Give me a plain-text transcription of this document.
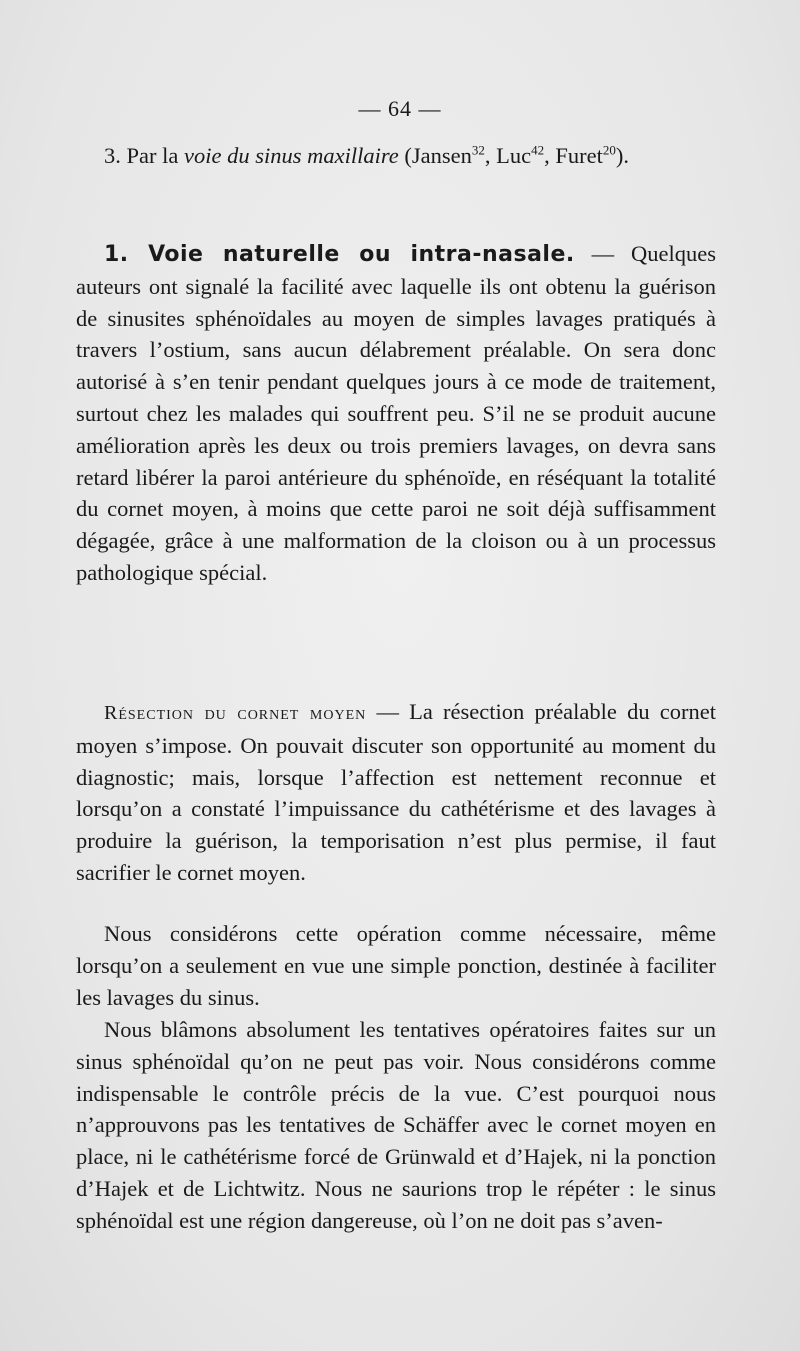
— 64 —

3. Par la voie du sinus maxillaire (Jansen$^{32}$, Luc$^{42}$, Furet$^{20}$).

1. Voie naturelle ou intra-nasale. — Quelques auteurs ont signalé la facilité avec laquelle ils ont obtenu la guérison de sinusites sphénoïdales au moyen de simples lavages pratiqués à travers l’ostium, sans aucun délabrement préalable. On sera donc autorisé à s’en tenir pendant quelques jours à ce mode de traitement, surtout chez les malades qui souffrent peu. S’il ne se produit aucune amélioration après les deux ou trois premiers lavages, on devra sans retard libérer la paroi antérieure du sphénoïde, en réséquant la totalité du cornet moyen, à moins que cette paroi ne soit déjà suffisamment dégagée, grâce à une malformation de la cloison ou à un processus pathologique spécial.

Résection du cornet moyen — La résection préalable du cornet moyen s’impose. On pouvait discuter son opportunité au moment du diagnostic; mais, lorsque l’affection est nettement reconnue et lorsqu’on a constaté l’impuissance du cathétérisme et des lavages à produire la guérison, la temporisation n’est plus permise, il faut sacrifier le cornet moyen.

Nous considérons cette opération comme nécessaire, même lorsqu’on a seulement en vue une simple ponction, destinée à faciliter les lavages du sinus.

Nous blâmons absolument les tentatives opératoires faites sur un sinus sphénoïdal qu’on ne peut pas voir. Nous considérons comme indispensable le contrôle précis de la vue. C’est pourquoi nous n’approuvons pas les tentatives de Schäffer avec le cornet moyen en place, ni le cathétérisme forcé de Grünwald et d’Hajek, ni la ponction d’Hajek et de Lichtwitz. Nous ne saurions trop le répéter : le sinus sphénoïdal est une région dangereuse, où l’on ne doit pas s’aven-
